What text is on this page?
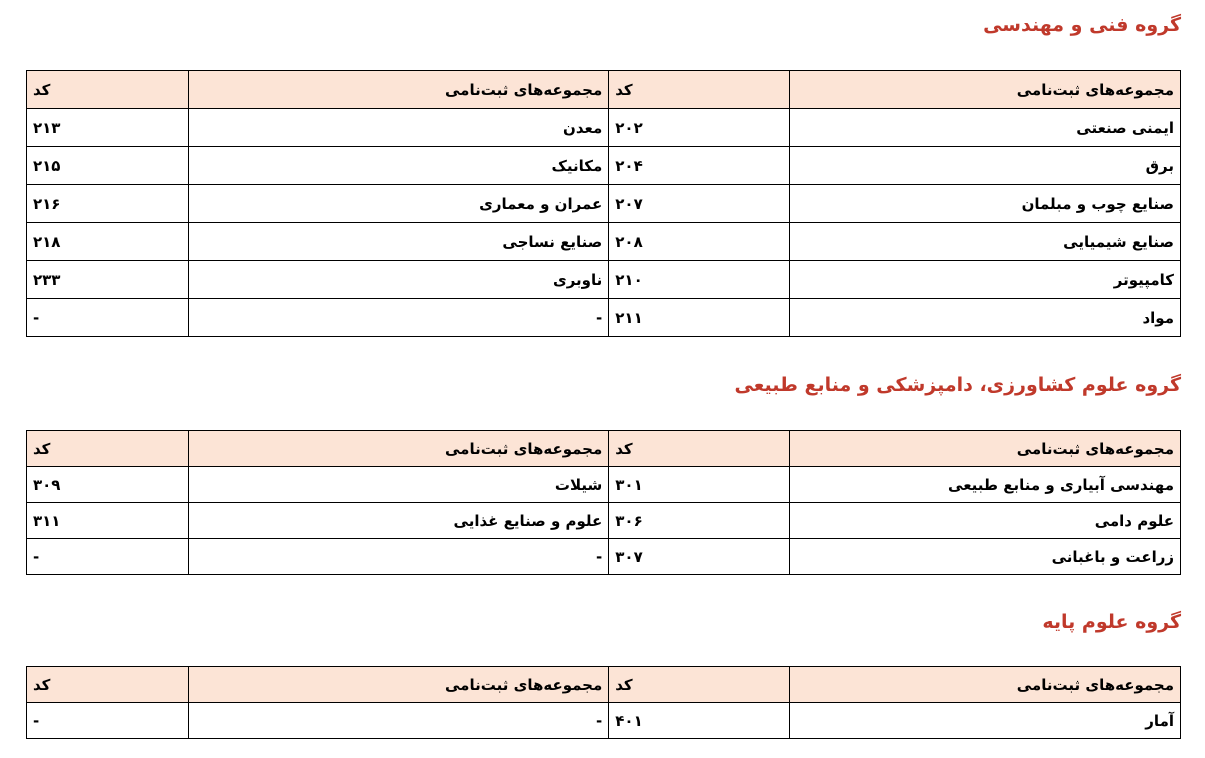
گروه فنی و مهندسی
مجموعه‌های ثبت‌نامی	کد	مجموعه‌های ثبت‌نامی	کد
ایمنی صنعتی	۲۰۲	معدن	۲۱۳
برق	۲۰۴	مکانیک	۲۱۵
صنایع چوب و مبلمان	۲۰۷	عمران و معماری	۲۱۶
صنایع شیمیایی	۲۰۸	صنایع نساجی	۲۱۸
کامپیوتر	۲۱۰	ناوبری	۲۳۳
مواد	۲۱۱	-	-
گروه علوم کشاورزی، دامپزشکی و منابع طبیعی
مجموعه‌های ثبت‌نامی	کد	مجموعه‌های ثبت‌نامی	کد
مهندسی آبیاری و منابع طبیعی	۳۰۱	شیلات	۳۰۹
علوم دامی	۳۰۶	علوم و صنایع غذایی	۳۱۱
زراعت و باغبانی	۳۰۷	-	-
گروه علوم پایه
مجموعه‌های ثبت‌نامی	کد	مجموعه‌های ثبت‌نامی	کد
آمار	۴۰۱	-	-
